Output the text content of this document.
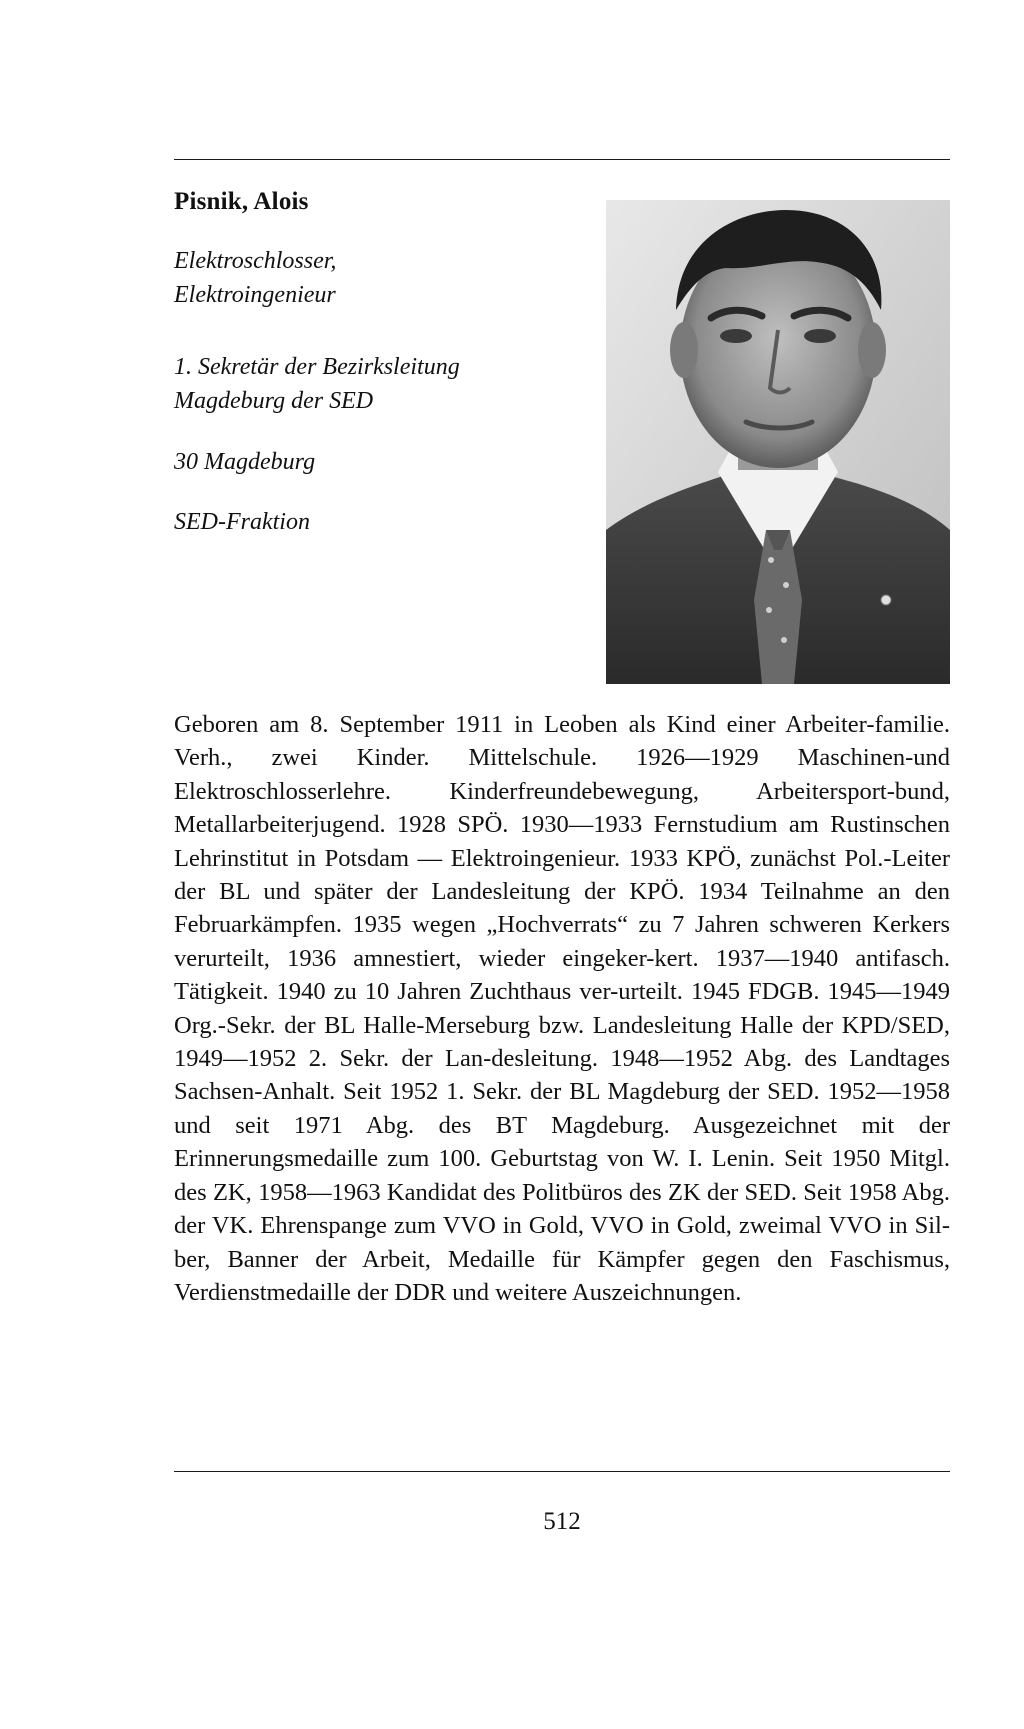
Pisnik, Alois
Elektroschlosser,
Elektroingenieur
1. Sekretär der Bezirksleitung
Magdeburg der SED
30 Magdeburg
SED-Fraktion
Geboren am 8. September 1911 in Leoben als Kind einer Arbeiter-familie. Verh., zwei Kinder. Mittelschule. 1926—1929 Maschinen-und Elektroschlosserlehre. Kinderfreundebewegung, Arbeitersport-bund, Metallarbeiterjugend. 1928 SPÖ. 1930—1933 Fernstudium am Rustinschen Lehrinstitut in Potsdam — Elektroingenieur. 1933 KPÖ, zunächst Pol.-Leiter der BL und später der Landesleitung der KPÖ. 1934 Teilnahme an den Februarkämpfen. 1935 wegen „Hochverrats“ zu 7 Jahren schweren Kerkers verurteilt, 1936 amnestiert, wieder eingeker-kert. 1937—1940 antifasch. Tätigkeit. 1940 zu 10 Jahren Zuchthaus ver-urteilt. 1945 FDGB. 1945—1949 Org.-Sekr. der BL Halle-Merseburg bzw. Landesleitung Halle der KPD/SED, 1949—1952 2. Sekr. der Lan-desleitung. 1948—1952 Abg. des Landtages Sachsen-Anhalt. Seit 1952 1. Sekr. der BL Magdeburg der SED. 1952—1958 und seit 1971 Abg. des BT Magdeburg. Ausgezeichnet mit der Erinnerungsmedaille zum 100. Geburtstag von W. I. Lenin. Seit 1950 Mitgl. des ZK, 1958—1963 Kandidat des Politbüros des ZK der SED. Seit 1958 Abg. der VK. Ehrenspange zum VVO in Gold, VVO in Gold, zweimal VVO in Sil-ber, Banner der Arbeit, Medaille für Kämpfer gegen den Faschismus, Verdienstmedaille der DDR und weitere Auszeichnungen.
512
